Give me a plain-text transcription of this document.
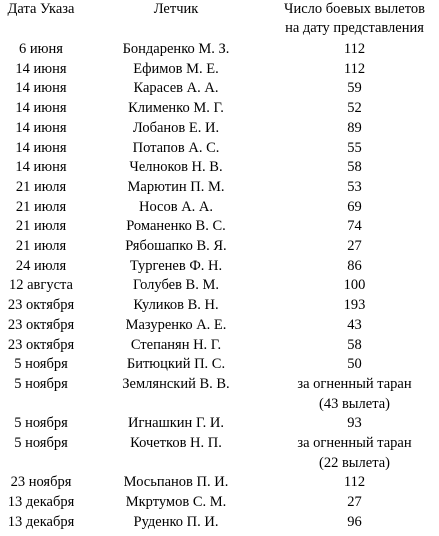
Дата Указа	Летчик	Число боевых вылетов
на дату представления

6 июня	Бондаренко М. З.	112

14 июня	Ефимов М. Е.	112

14 июня	Карасев А. А.	59

14 июня	Клименко М. Г.	52

14 июня	Лобанов Е. И.	89

14 июня	Потапов А. С.	55

14 июня	Челноков Н. В.	58

21 июля	Марютин П. М.	53

21 июля	Носов А. А.	69

21 июля	Романенко В. С.	74

21 июля	Рябошапко В. Я.	27

24 июля	Тургенев Ф. Н.	86

12 августа	Голубев В. М.	100

23 октября	Куликов В. Н.	193

23 октября	Мазуренко А. Е.	43

23 октября	Степанян Н. Г.	58

5 ноября	Битюцкий П. С.	50

5 ноября	Землянский В. В.	за огненный таран
(43 вылета)

5 ноября	Игнашкин Г. И.	93

5 ноября	Кочетков Н. П.	за огненный таран
(22 вылета)

23 ноября	Мосьпанов П. И.	112

13 декабря	Мкртумов С. М.	27

13 декабря	Руденко П. И.	96
